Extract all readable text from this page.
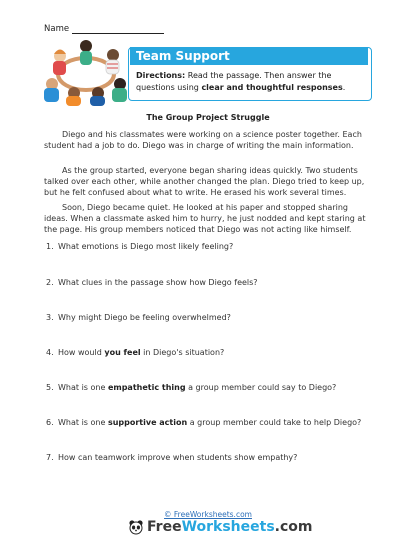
Name
Team Support
Directions: Read the passage. Then answer the questions using clear and thoughtful responses.
The Group Project Struggle
Diego and his classmates were working on a science poster together. Each student had a job to do. Diego was in charge of writing the main information.
As the group started, everyone began sharing ideas quickly. Two students talked over each other, while another changed the plan. Diego tried to keep up, but he felt confused about what to write. He erased his work several times.
Soon, Diego became quiet. He looked at his paper and stopped sharing ideas. When a classmate asked him to hurry, he just nodded and kept staring at the page. His group members noticed that Diego was not acting like himself.
1. What emotions is Diego most likely feeling?
2. What clues in the passage show how Diego feels?
3. Why might Diego be feeling overwhelmed?
4. How would you feel in Diego's situation?
5. What is one empathetic thing a group member could say to Diego?
6. What is one supportive action a group member could take to help Diego?
7. How can teamwork improve when students show empathy?
© FreeWorksheets.com
FreeWorksheets.com
